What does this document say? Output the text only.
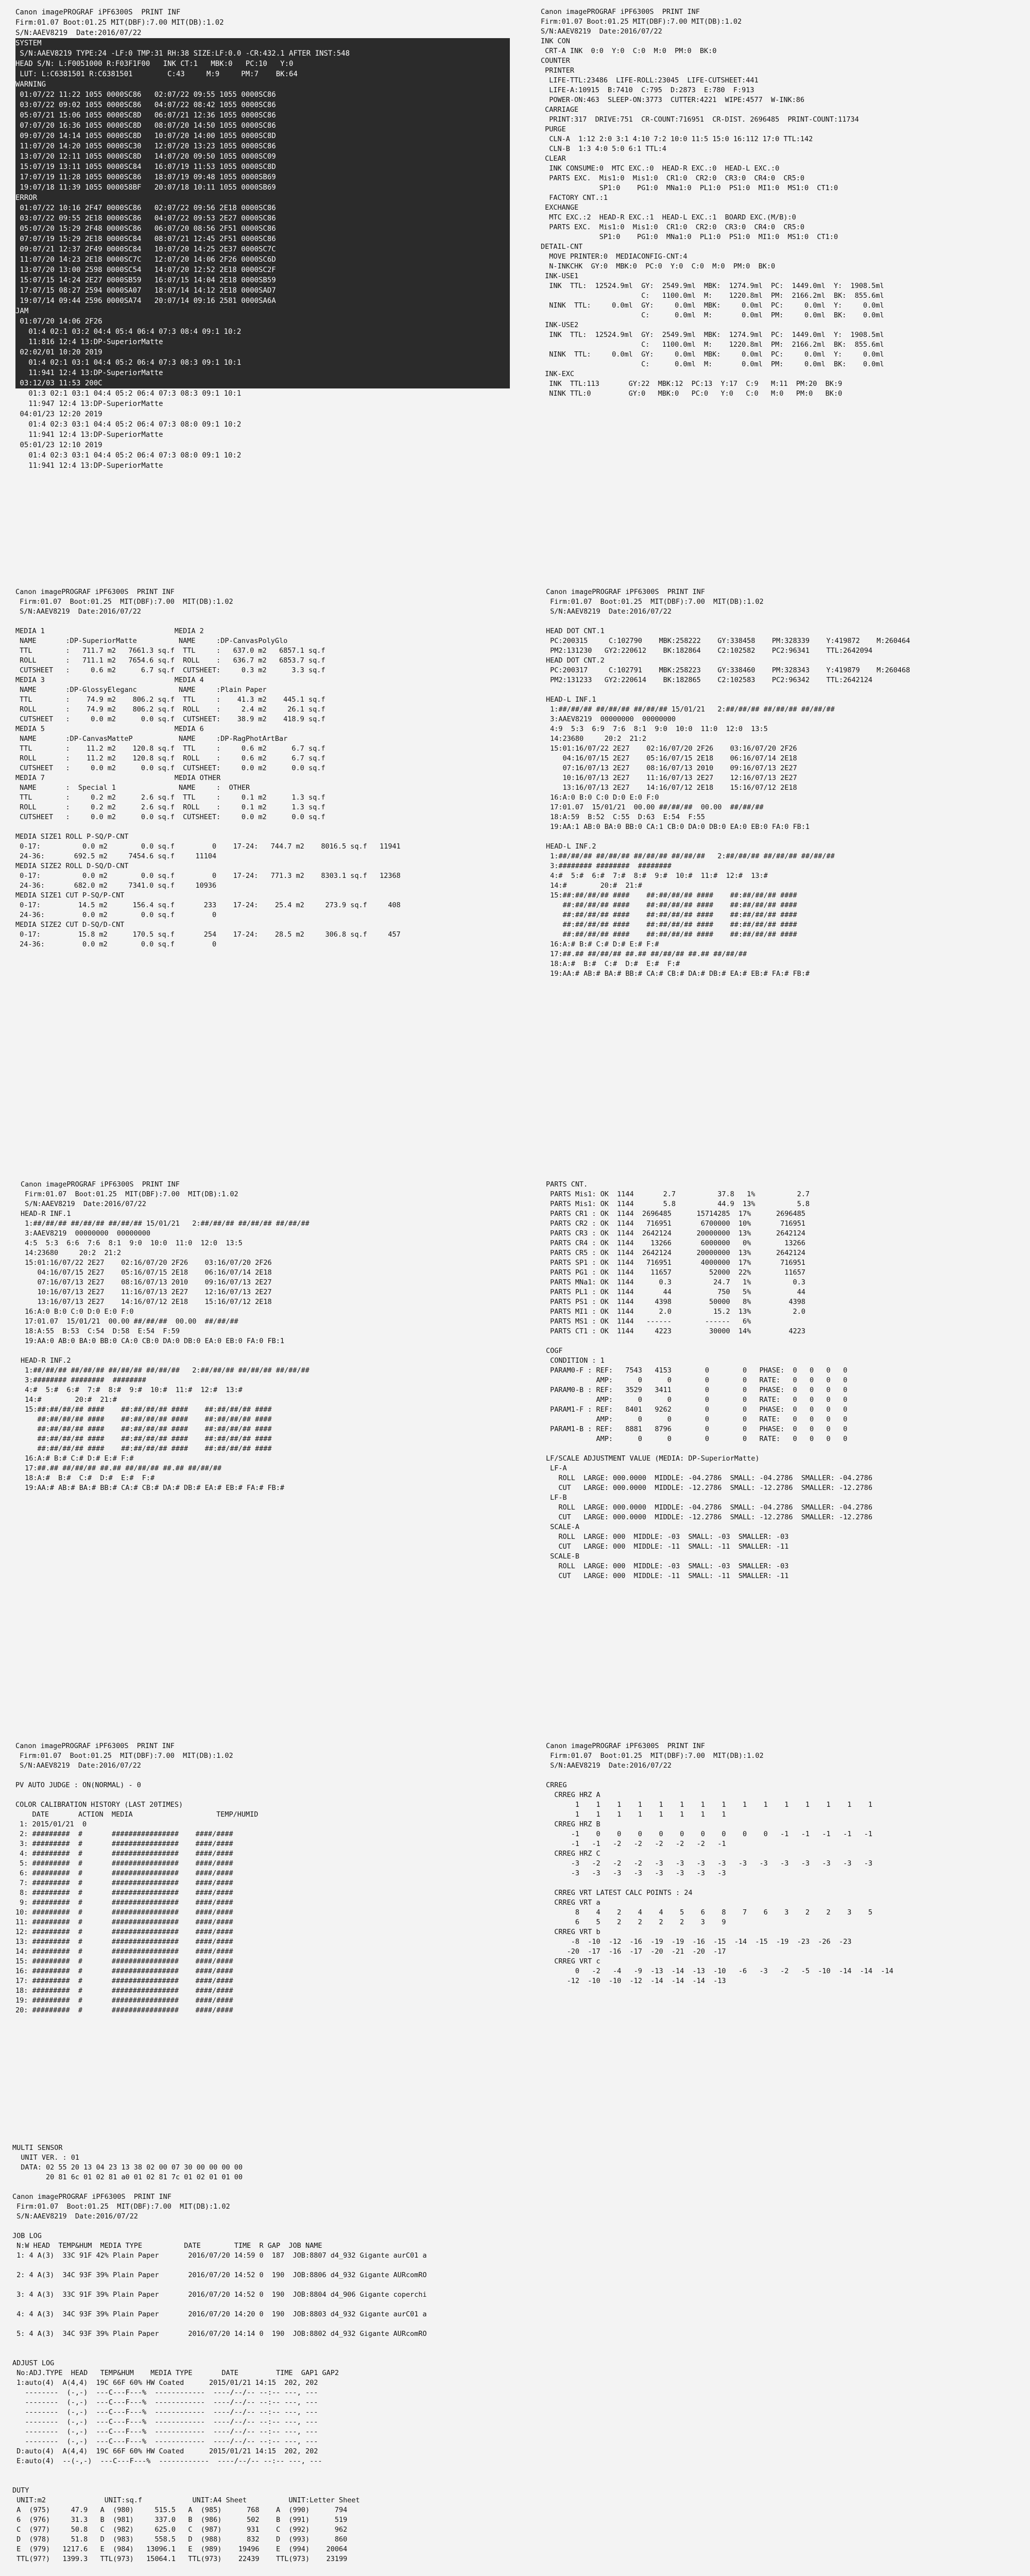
Canon imagePROGRAF iPF6300S  PRINT INF
Firm:01.07 Boot:01.25 MIT(DBF):7.00 MIT(DB):1.02
S/N:AAEV8219  Date:2016/07/22
SYSTEM
S/N:AAEV8219 TYPE:24 -LF:0 TMP:31 RH:38 SIZE:LF:0.0 -CR:432.1 AFTER INST:548
HEAD S/N: L:F0051000 R:F03F1F00   INK CT:1   MBK:0   PC:10   Y:0
LUT: L:C6381501 R:C6381501        C:43     M:9     PM:7    BK:64
WARNING
01:07/22 11:22 1055 0000SC86   02:07/22 09:55 1055 0000SC86
03:07/22 09:02 1055 0000SC86   04:07/22 08:42 1055 0000SC86
05:07/21 15:06 1055 0000SC8D   06:07/21 12:36 1055 0000SC86
07:07/20 16:36 1055 0000SC8D   08:07/20 14:50 1055 0000SC86
09:07/20 14:14 1055 0000SC8D   10:07/20 14:00 1055 0000SC8D
11:07/20 14:20 1055 0000SC30   12:07/20 13:23 1055 0000SC86
13:07/20 12:11 1055 0000SC8D   14:07/20 09:50 1055 0000SC09
15:07/19 13:11 1055 0000SC84   16:07/19 11:53 1055 0000SC8D
17:07/19 11:28 1055 0000SC86   18:07/19 09:48 1055 0000SB69
19:07/18 11:39 1055 000058BF   20:07/18 10:11 1055 0000SB69
ERROR
01:07/22 10:16 2F47 0000SC86   02:07/22 09:56 2E18 0000SC86
03:07/22 09:55 2E18 0000SC86   04:07/22 09:53 2E27 0000SC86
05:07/20 15:29 2F48 0000SC86   06:07/20 08:56 2F51 0000SC86
07:07/19 15:29 2E18 0000SC84   08:07/21 12:45 2F51 0000SC86
09:07/21 12:37 2F49 0000SC84   10:07/20 14:25 2E37 0000SC7C
11:07/20 14:23 2E18 0000SC7C   12:07/20 14:06 2F26 0000SC6D
13:07/20 13:00 2598 0000SC54   14:07/20 12:52 2E18 0000SC2F
15:07/15 14:24 2E27 0000SB59   16:07/15 14:04 2E18 0000SB59
17:07/15 08:27 2594 0000SA07   18:07/14 14:12 2E18 0000SAD7
19:07/14 09:44 2596 0000SA74   20:07/14 09:16 2581 0000SA6A
JAM
01:07/20 14:06 2F26
01:4 02:1 03:2 04:4 05:4 06:4 07:3 08:4 09:1 10:2
11:816 12:4 13:DP-SuperiorMatte
02:02/01 10:20 2019
01:4 02:1 03:1 04:4 05:2 06:4 07:3 08:3 09:1 10:1
11:941 12:4 13:DP-SuperiorMatte
03:12/03 11:53 200C
01:3 02:1 03:1 04:4 05:2 06:4 07:3 08:3 09:1 10:1
11:947 12:4 13:DP-SuperiorMatte
04:01/23 12:20 2019
01:4 02:3 03:1 04:4 05:2 06:4 07:3 08:0 09:1 10:2
11:941 12:4 13:DP-SuperiorMatte
05:01/23 12:10 2019
01:4 02:3 03:1 04:4 05:2 06:4 07:3 08:0 09:1 10:2
11:941 12:4 13:DP-SuperiorMatte
Canon imagePROGRAF iPF6300S  PRINT INF
Firm:01.07 Boot:01.25 MIT(DBF):7.00 MIT(DB):1.02
S/N:AAEV8219  Date:2016/07/22
INK CON
CRT-A INK  0:0  Y:0  C:0  M:0  PM:0  BK:0
COUNTER
PRINTER
LIFE-TTL:23486  LIFE-ROLL:23045  LIFE-CUTSHEET:441
LIFE-A:10915  B:7410  C:795  D:2873  E:780  F:913
POWER-ON:463  SLEEP-ON:3773  CUTTER:4221  WIPE:4577  W-INK:86
CARRIAGE
PRINT:317  DRIVE:751  CR-COUNT:716951  CR-DIST. 2696485  PRINT-COUNT:11734
PURGE
CLN-A  1:12 2:0 3:1 4:10 7:2 10:0 11:5 15:0 16:112 17:0 TTL:142
CLN-B  1:3 4:0 5:0 6:1 TTL:4
CLEAR
INK CONSUME:0  MTC EXC.:0  HEAD-R EXC.:0  HEAD-L EXC.:0
PARTS EXC.  Mis1:0  Mis1:0  CR1:0  CR2:0  CR3:0  CR4:0  CR5:0
SP1:0    PG1:0  MNa1:0  PL1:0  PS1:0  MI1:0  MS1:0  CT1:0
FACTORY CNT.:1
EXCHANGE
MTC EXC.:2  HEAD-R EXC.:1  HEAD-L EXC.:1  BOARD EXC.(M/B):0
PARTS EXC.  Mis1:0  Mis1:0  CR1:0  CR2:0  CR3:0  CR4:0  CR5:0
SP1:0    PG1:0  MNa1:0  PL1:0  PS1:0  MI1:0  MS1:0  CT1:0
DETAIL-CNT
MOVE PRINTER:0  MEDIACONFIG-CNT:4
N-INKCHK  GY:0  MBK:0  PC:0  Y:0  C:0  M:0  PM:0  BK:0
INK-USE1
INK  TTL:  12524.9ml  GY:  2549.9ml  MBK:  1274.9ml  PC:  1449.0ml  Y:  1908.5ml
C:   1100.0ml  M:    1220.8ml  PM:  2166.2ml  BK:  855.6ml
NINK  TTL:     0.0ml  GY:     0.0ml  MBK:     0.0ml  PC:     0.0ml  Y:     0.0ml
C:      0.0ml  M:       0.0ml  PM:     0.0ml  BK:    0.0ml
INK-USE2
INK  TTL:  12524.9ml  GY:  2549.9ml  MBK:  1274.9ml  PC:  1449.0ml  Y:  1908.5ml
C:   1100.0ml  M:    1220.8ml  PM:  2166.2ml  BK:  855.6ml
NINK  TTL:     0.0ml  GY:     0.0ml  MBK:     0.0ml  PC:     0.0ml  Y:     0.0ml
C:      0.0ml  M:       0.0ml  PM:     0.0ml  BK:    0.0ml
INK-EXC
INK  TTL:113       GY:22  MBK:12  PC:13  Y:17  C:9   M:11  PM:20  BK:9
NINK TTL:0         GY:0   MBK:0   PC:0   Y:0   C:0   M:0   PM:0   BK:0
Canon imagePROGRAF iPF6300S  PRINT INF
Firm:01.07  Boot:01.25  MIT(DBF):7.00  MIT(DB):1.02
S/N:AAEV8219  Date:2016/07/22

MEDIA 1                               MEDIA 2
NAME       :DP-SuperiorMatte          NAME     :DP-CanvasPolyGlo
TTL        :   711.7 m2   7661.3 sq.f  TTL     :   637.0 m2   6857.1 sq.f
ROLL       :   711.1 m2   7654.6 sq.f  ROLL    :   636.7 m2   6853.7 sq.f
CUTSHEET   :     0.6 m2      6.7 sq.f  CUTSHEET:     0.3 m2      3.3 sq.f
MEDIA 3                               MEDIA 4
NAME       :DP-GlossyEleganc          NAME     :Plain Paper
TTL        :    74.9 m2    806.2 sq.f  TTL     :    41.3 m2    445.1 sq.f
ROLL       :    74.9 m2    806.2 sq.f  ROLL    :     2.4 m2     26.1 sq.f
CUTSHEET   :     0.0 m2      0.0 sq.f  CUTSHEET:    38.9 m2    418.9 sq.f
MEDIA 5                               MEDIA 6
NAME       :DP-CanvasMatteP           NAME     :DP-RagPhotArtBar
TTL        :    11.2 m2    120.8 sq.f  TTL     :     0.6 m2      6.7 sq.f
ROLL       :    11.2 m2    120.8 sq.f  ROLL    :     0.6 m2      6.7 sq.f
CUTSHEET   :     0.0 m2      0.0 sq.f  CUTSHEET:     0.0 m2      0.0 sq.f
MEDIA 7                               MEDIA OTHER
NAME       :  Special 1               NAME     :  OTHER
TTL        :     0.2 m2      2.6 sq.f  TTL     :     0.1 m2      1.3 sq.f
ROLL       :     0.2 m2      2.6 sq.f  ROLL    :     0.1 m2      1.3 sq.f
CUTSHEET   :     0.0 m2      0.0 sq.f  CUTSHEET:     0.0 m2      0.0 sq.f

MEDIA SIZE1 ROLL P-SQ/P-CNT
0-17:          0.0 m2        0.0 sq.f         0    17-24:   744.7 m2    8016.5 sq.f   11941
24-36:       692.5 m2     7454.6 sq.f     11104
MEDIA SIZE2 ROLL D-SQ/D-CNT
0-17:          0.0 m2        0.0 sq.f         0    17-24:   771.3 m2    8303.1 sq.f   12368
24-36:       682.0 m2     7341.0 sq.f     10936
MEDIA SIZE1 CUT P-SQ/P-CNT
0-17:         14.5 m2      156.4 sq.f       233    17-24:    25.4 m2     273.9 sq.f     408
24-36:         0.0 m2        0.0 sq.f         0
MEDIA SIZE2 CUT D-SQ/D-CNT
0-17:         15.8 m2      170.5 sq.f       254    17-24:    28.5 m2     306.8 sq.f     457
24-36:         0.0 m2        0.0 sq.f         0
Canon imagePROGRAF iPF6300S  PRINT INF
Firm:01.07  Boot:01.25  MIT(DBF):7.00  MIT(DB):1.02
S/N:AAEV8219  Date:2016/07/22

HEAD DOT CNT.1
PC:200315     C:102790    MBK:258222    GY:338458    PM:328339    Y:419872    M:260464
PM2:131230   GY2:220612    BK:182864    C2:102582    PC2:96341    TTL:2642094
HEAD DOT CNT.2
PC:200317     C:102791    MBK:258223    GY:338460    PM:328343    Y:419879    M:260468
PM2:131233   GY2:220614    BK:182865    C2:102583    PC2:96342    TTL:2642124

HEAD-L INF.1
1:##/##/## ##/##/## ##/##/## 15/01/21   2:##/##/## ##/##/## ##/##/##
3:AAEV8219  00000000  00000000
4:9  5:3  6:9  7:6  8:1  9:0  10:0  11:0  12:0  13:5
14:23680     20:2  21:2
15:01:16/07/22 2E27    02:16/07/20 2F26    03:16/07/20 2F26
04:16/07/15 2E27    05:16/07/15 2E18    06:16/07/14 2E18
07:16/07/13 2E27    08:16/07/13 2010    09:16/07/13 2E27
10:16/07/13 2E27    11:16/07/13 2E27    12:16/07/13 2E27
13:16/07/13 2E27    14:16/07/12 2E18    15:16/07/12 2E18
16:A:0 B:0 C:0 D:0 E:0 F:0
17:01.07  15/01/21  00.00 ##/##/##  00.00  ##/##/##
18:A:59  B:52  C:55  D:63  E:54  F:55
19:AA:1 AB:0 BA:0 BB:0 CA:1 CB:0 DA:0 DB:0 EA:0 EB:0 FA:0 FB:1

HEAD-L INF.2
1:##/##/## ##/##/## ##/##/## ##/##/##   2:##/##/## ##/##/## ##/##/##
3:######## ########  ########
4:#  5:#  6:#  7:#  8:#  9:#  10:#  11:#  12:#  13:#
14:#        20:#  21:#
15:##:##/##/## ####    ##:##/##/## ####    ##:##/##/## ####
##:##/##/## ####    ##:##/##/## ####    ##:##/##/## ####
##:##/##/## ####    ##:##/##/## ####    ##:##/##/## ####
##:##/##/## ####    ##:##/##/## ####    ##:##/##/## ####
##:##/##/## ####    ##:##/##/## ####    ##:##/##/## ####
16:A:# B:# C:# D:# E:# F:#
17:##.## ##/##/## ##.## ##/##/## ##.## ##/##/##
18:A:#  B:#  C:#  D:#  E:#  F:#
19:AA:# AB:# BA:# BB:# CA:# CB:# DA:# DB:# EA:# EB:# FA:# FB:#
Canon imagePROGRAF iPF6300S  PRINT INF
Firm:01.07  Boot:01.25  MIT(DBF):7.00  MIT(DB):1.02
S/N:AAEV8219  Date:2016/07/22
HEAD-R INF.1
1:##/##/## ##/##/## ##/##/## 15/01/21   2:##/##/## ##/##/## ##/##/##
3:AAEV8219  00000000  00000000
4:5  5:3  6:6  7:6  8:1  9:0  10:0  11:0  12:0  13:5
14:23680     20:2  21:2
15:01:16/07/22 2E27    02:16/07/20 2F26    03:16/07/20 2F26
04:16/07/15 2E27    05:16/07/15 2E18    06:16/07/14 2E18
07:16/07/13 2E27    08:16/07/13 2010    09:16/07/13 2E27
10:16/07/13 2E27    11:16/07/13 2E27    12:16/07/13 2E27
13:16/07/13 2E27    14:16/07/12 2E18    15:16/07/12 2E18
16:A:0 B:0 C:0 D:0 E:0 F:0
17:01.07  15/01/21  00.00 ##/##/##  00.00  ##/##/##
18:A:55  B:53  C:54  D:58  E:54  F:59
19:AA:0 AB:0 BA:0 BB:0 CA:0 CB:0 DA:0 DB:0 EA:0 EB:0 FA:0 FB:1

HEAD-R INF.2
1:##/##/## ##/##/## ##/##/## ##/##/##   2:##/##/## ##/##/## ##/##/##
3:######## ########  ########
4:#  5:#  6:#  7:#  8:#  9:#  10:#  11:#  12:#  13:#
14:#        20:#  21:#
15:##:##/##/## ####    ##:##/##/## ####    ##:##/##/## ####
##:##/##/## ####    ##:##/##/## ####    ##:##/##/## ####
##:##/##/## ####    ##:##/##/## ####    ##:##/##/## ####
##:##/##/## ####    ##:##/##/## ####    ##:##/##/## ####
##:##/##/## ####    ##:##/##/## ####    ##:##/##/## ####
16:A:# B:# C:# D:# E:# F:#
17:##.## ##/##/## ##.## ##/##/## ##.## ##/##/##
18:A:#  B:#  C:#  D:#  E:#  F:#
19:AA:# AB:# BA:# BB:# CA:# CB:# DA:# DB:# EA:# EB:# FA:# FB:#
PARTS CNT.
PARTS Mis1: OK  1144       2.7          37.8   1%          2.7
PARTS Mis1: OK  1144       5.8          44.9  13%          5.8
PARTS CR1 : OK  1144  2696485      15714285  17%      2696485
PARTS CR2 : OK  1144   716951       6700000  10%       716951
PARTS CR3 : OK  1144  2642124      20000000  13%      2642124
PARTS CR4 : OK  1144    13266       6000000   0%        13266
PARTS CR5 : OK  1144  2642124      20000000  13%      2642124
PARTS SP1 : OK  1144   716951       4000000  17%       716951
PARTS PG1 : OK  1144    11657         52000  22%        11657
PARTS MNa1: OK  1144      0.3          24.7   1%          0.3
PARTS PL1 : OK  1144       44           750   5%           44
PARTS PS1 : OK  1144     4398         50000   8%         4398
PARTS MI1 : OK  1144      2.0          15.2  13%          2.0
PARTS MS1 : OK  1144   ------        ------   6%
PARTS CT1 : OK  1144     4223         30000  14%         4223

COGF
CONDITION : 1
PARAM0-F : REF:   7543   4153        0        0   PHASE:  0   0   0   0
AMP:      0      0        0        0   RATE:   0   0   0   0
PARAM0-B : REF:   3529   3411        0        0   PHASE:  0   0   0   0
AMP:      0      0        0        0   RATE:   0   0   0   0
PARAM1-F : REF:   8401   9262        0        0   PHASE:  0   0   0   0
AMP:      0      0        0        0   RATE:   0   0   0   0
PARAM1-B : REF:   8881   8796        0        0   PHASE:  0   0   0   0
AMP:      0      0        0        0   RATE:   0   0   0   0

LF/SCALE ADJUSTMENT VALUE (MEDIA: DP-SuperiorMatte)
LF-A
ROLL  LARGE: 000.0000  MIDDLE: -04.2786  SMALL: -04.2786  SMALLER: -04.2786
CUT   LARGE: 000.0000  MIDDLE: -12.2786  SMALL: -12.2786  SMALLER: -12.2786
LF-B
ROLL  LARGE: 000.0000  MIDDLE: -04.2786  SMALL: -04.2786  SMALLER: -04.2786
CUT   LARGE: 000.0000  MIDDLE: -12.2786  SMALL: -12.2786  SMALLER: -12.2786
SCALE-A
ROLL  LARGE: 000  MIDDLE: -03  SMALL: -03  SMALLER: -03
CUT   LARGE: 000  MIDDLE: -11  SMALL: -11  SMALLER: -11
SCALE-B
ROLL  LARGE: 000  MIDDLE: -03  SMALL: -03  SMALLER: -03
CUT   LARGE: 000  MIDDLE: -11  SMALL: -11  SMALLER: -11
Canon imagePROGRAF iPF6300S  PRINT INF
Firm:01.07  Boot:01.25  MIT(DBF):7.00  MIT(DB):1.02
S/N:AAEV8219  Date:2016/07/22

PV AUTO JUDGE : ON(NORMAL) - 0

COLOR CALIBRATION HISTORY (LAST 20TIMES)
DATE       ACTION  MEDIA                    TEMP/HUMID
1: 2015/01/21  0
2: #########  #       ################    ####/####
3: #########  #       ################    ####/####
4: #########  #       ################    ####/####
5: #########  #       ################    ####/####
6: #########  #       ################    ####/####
7: #########  #       ################    ####/####
8: #########  #       ################    ####/####
9: #########  #       ################    ####/####
10: #########  #       ################    ####/####
11: #########  #       ################    ####/####
12: #########  #       ################    ####/####
13: #########  #       ################    ####/####
14: #########  #       ################    ####/####
15: #########  #       ################    ####/####
16: #########  #       ################    ####/####
17: #########  #       ################    ####/####
18: #########  #       ################    ####/####
19: #########  #       ################    ####/####
20: #########  #       ################    ####/####
Canon imagePROGRAF iPF6300S  PRINT INF
Firm:01.07  Boot:01.25  MIT(DBF):7.00  MIT(DB):1.02
S/N:AAEV8219  Date:2016/07/22

CRREG
CRREG HRZ A
1    1    1    1    1    1    1    1    1    1    1    1    1    1    1
1    1    1    1    1    1    1    1
CRREG HRZ B
-1    0    0    0    0    0    0    0    0    0   -1   -1   -1   -1   -1
-1   -1   -2   -2   -2   -2   -2   -1
CRREG HRZ C
-3   -2   -2   -2   -3   -3   -3   -3   -3   -3   -3   -3   -3   -3   -3
-3   -3   -3   -3   -3   -3   -3   -3

CRREG VRT LATEST CALC POINTS : 24
CRREG VRT a
8    4    2    4    4    5    6    8    7    6    3    2    2    3    5
6    5    2    2    2    2    3    9
CRREG VRT b
-8  -10  -12  -16  -19  -19  -16  -15  -14  -15  -19  -23  -26  -23
-20  -17  -16  -17  -20  -21  -20  -17
CRREG VRT c
0   -2   -4   -9  -13  -14  -13  -10   -6   -3   -2   -5  -10  -14  -14  -14
-12  -10  -10  -12  -14  -14  -14  -13
MULTI SENSOR
UNIT VER. : 01
DATA: 02 55 20 13 04 23 13 38 02 00 07 30 00 00 00 00
20 81 6c 01 02 81 a0 01 02 81 7c 01 02 01 01 00

Canon imagePROGRAF iPF6300S  PRINT INF
Firm:01.07  Boot:01.25  MIT(DBF):7.00  MIT(DB):1.02
S/N:AAEV8219  Date:2016/07/22

JOB LOG
N:W HEAD  TEMP&HUM  MEDIA TYPE          DATE        TIME  R GAP  JOB NAME
1: 4 A(3)  33C 91F 42% Plain Paper       2016/07/20 14:59 0  187  JOB:8807 d4_932 Gigante aurC01 a

2: 4 A(3)  34C 93F 39% Plain Paper       2016/07/20 14:52 0  190  JOB:8806 d4_932 Gigante AURcomRO

3: 4 A(3)  33C 91F 39% Plain Paper       2016/07/20 14:52 0  190  JOB:8804 d4_906 Gigante coperchi

4: 4 A(3)  34C 93F 39% Plain Paper       2016/07/20 14:20 0  190  JOB:8803 d4_932 Gigante aurC01 a

5: 4 A(3)  34C 93F 39% Plain Paper       2016/07/20 14:14 0  190  JOB:8802 d4_932 Gigante AURcomRO

ADJUST LOG
No:ADJ.TYPE  HEAD   TEMP&HUM    MEDIA TYPE       DATE         TIME  GAP1 GAP2
1:auto(4)  A(4,4)  19C 66F 60% HW Coated      2015/01/21 14:15  202, 202
--------  (-,-)  ---C---F---%  ------------  ----/--/-- --:-- ---, ---
--------  (-,-)  ---C---F---%  ------------  ----/--/-- --:-- ---, ---
--------  (-,-)  ---C---F---%  ------------  ----/--/-- --:-- ---, ---
--------  (-,-)  ---C---F---%  ------------  ----/--/-- --:-- ---, ---
--------  (-,-)  ---C---F---%  ------------  ----/--/-- --:-- ---, ---
--------  (-,-)  ---C---F---%  ------------  ----/--/-- --:-- ---, ---
D:auto(4)  A(4,4)  19C 66F 60% HW Coated      2015/01/21 14:15  202, 202
E:auto(4)  --(-,-)  ---C---F---%  ------------  ----/--/-- --:-- ---, ---

DUTY
UNIT:m2              UNIT:sq.f            UNIT:A4 Sheet          UNIT:Letter Sheet
A  (975)     47.9   A  (980)     515.5   A  (985)      768    A  (990)      794
6  (976)     31.3   B  (981)     337.0   B  (986)      502    B  (991)      519
C  (977)     50.8   C  (982)     625.0   C  (987)      931    C  (992)      962
D  (978)     51.8   D  (983)     558.5   D  (988)      832    D  (993)      860
E  (979)   1217.6   E  (984)   13096.1   E  (989)    19496    E  (994)    20064
TTL(97?)   1399.3   TTL(973)   15064.1   TTL(973)    22439    TTL(973)    23199
